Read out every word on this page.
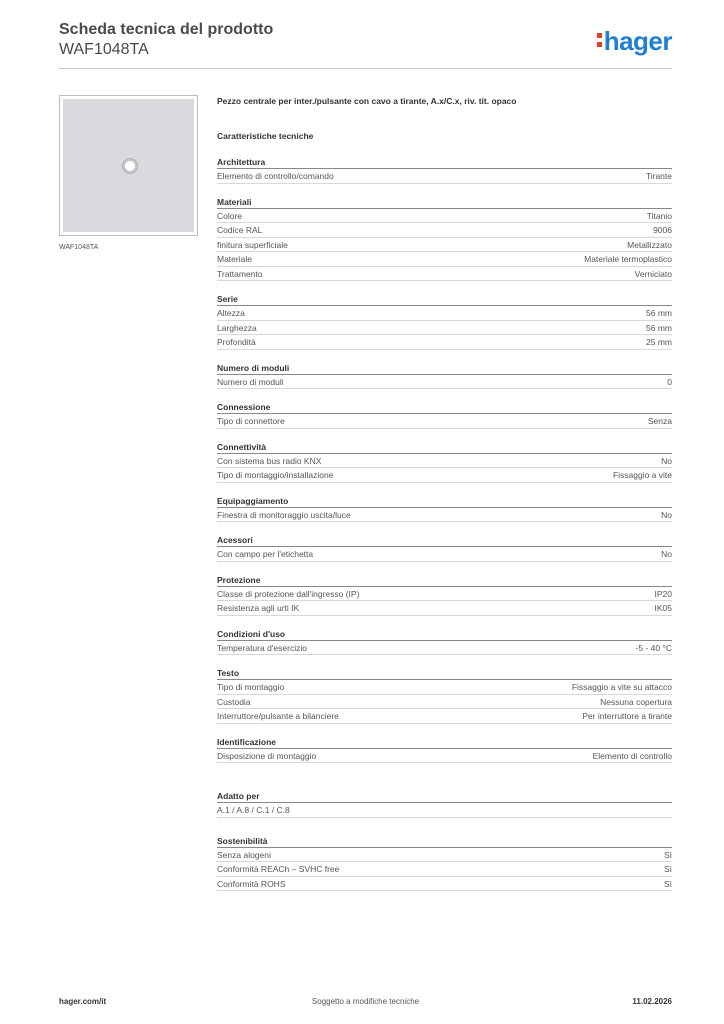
Scheda tecnica del prodotto
WAF1048TA	hager
WAF1048TA
Pezzo centrale per inter./pulsante con cavo a tirante, A.x/C.x, riv. tit. opaco
Caratteristiche tecniche
Architettura
Elemento di controllo/comando	Tirante
Materiali
Colore	Titanio
Codice RAL	9006
finitura superficiale	Metallizzato
Materiale	Materiale termoplastico
Trattamento	Verniciato
Serie
Altezza	56 mm
Larghezza	56 mm
Profondità	25 mm
Numero di moduli
Numero di moduli	0
Connessione
Tipo di connettore	Senza
Connettività
Con sistema bus radio KNX	No
Tipo di montaggio/installazione	Fissaggio a vite
Equipaggiamento
Finestra di monitoraggio uscita/luce	No
Acessori
Con campo per l'etichetta	No
Protezione
Classe di protezione dall'ingresso (IP)	IP20
Resistenza agli urti IK	IK05
Condizioni d'uso
Temperatura d'esercizio	-5 - 40 °C
Testo
Tipo di montaggio	Fissaggio a vite su attacco
Custodia	Nessuna copertura
Interruttore/pulsante a bilanciere	Per interruttore a tirante
Identificazione
Disposizione di montaggio	Elemento di controllo
Adatto per
A.1 / A.8 / C.1 / C.8
Sostenibilità
Senza alogeni	Sì
Conformità REACh – SVHC free	Sì
Conformità ROHS	Sì
Soggetto a modifiche tecniche
hager.com/it	11.02.2026
